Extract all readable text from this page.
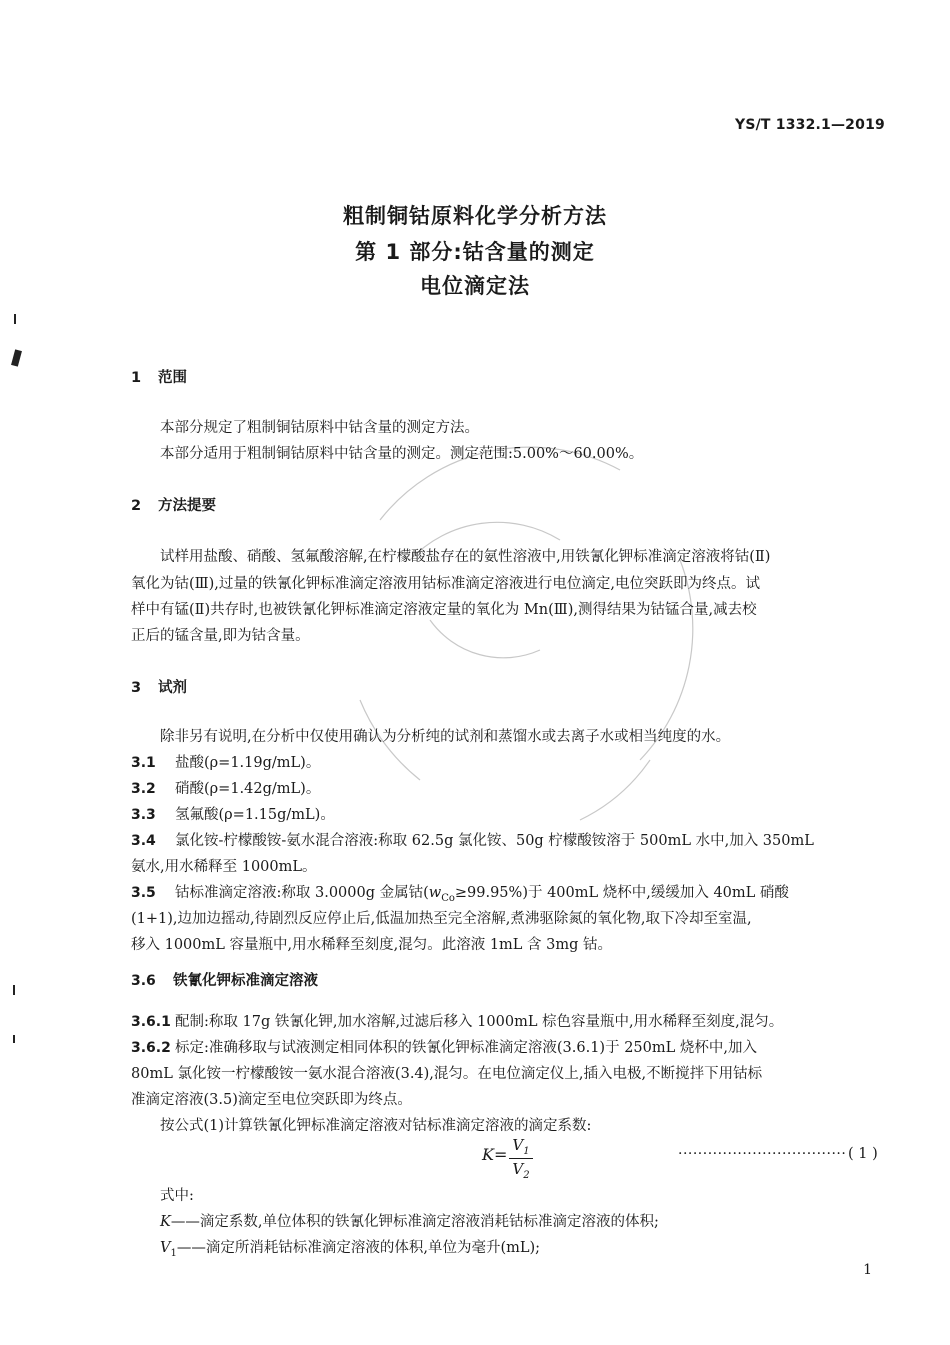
YS/T 1332.1—2019
粗制铜钴原料化学分析方法
第 1 部分:钴含量的测定
电位滴定法
1 范围
本部分规定了粗制铜钴原料中钴含量的测定方法。
本部分适用于粗制铜钴原料中钴含量的测定。测定范围:5.00%～60.00%。
2 方法提要
试样用盐酸、硝酸、氢氟酸溶解,在柠檬酸盐存在的氨性溶液中,用铁氰化钾标准滴定溶液将钴(Ⅱ)
氧化为钴(Ⅲ),过量的铁氰化钾标准滴定溶液用钴标准滴定溶液进行电位滴定,电位突跃即为终点。试
样中有锰(Ⅱ)共存时,也被铁氰化钾标准滴定溶液定量的氧化为 Mn(Ⅲ),测得结果为钴锰合量,减去校
正后的锰含量,即为钴含量。
3 试剂
除非另有说明,在分析中仅使用确认为分析纯的试剂和蒸馏水或去离子水或相当纯度的水。
3.1 盐酸(ρ=1.19g/mL)。
3.2 硝酸(ρ=1.42g/mL)。
3.3 氢氟酸(ρ=1.15g/mL)。
3.4 氯化铵-柠檬酸铵-氨水混合溶液:称取 62.5g 氯化铵、50g 柠檬酸铵溶于 500mL 水中,加入 350mL
氨水,用水稀释至 1000mL。
3.5 钴标准滴定溶液:称取 3.0000g 金属钴$(w_{Co}\ge 99.95\%)$于 400mL 烧杯中,缓缓加入 40mL 硝酸
(1+1),边加边摇动,待剧烈反应停止后,低温加热至完全溶解,煮沸驱除氮的氧化物,取下冷却至室温,
移入 1000mL 容量瓶中,用水稀释至刻度,混匀。此溶液 1mL 含 3mg 钴。
3.6 铁氰化钾标准滴定溶液
3.6.1 配制:称取 17g 铁氰化钾,加水溶解,过滤后移入 1000mL 棕色容量瓶中,用水稀释至刻度,混匀。
3.6.2 标定:准确移取与试液测定相同体积的铁氰化钾标准滴定溶液(3.6.1)于 250mL 烧杯中,加入
80mL 氯化铵一柠檬酸铵一氨水混合溶液(3.4),混匀。在电位滴定仪上,插入电极,不断搅拌下用钴标
准滴定溶液(3.5)滴定至电位突跃即为终点。
按公式(1)计算铁氰化钾标准滴定溶液对钴标准滴定溶液的滴定系数:
$K= V_1$
$V_2$
·································· ( 1 )
式中:
K——滴定系数,单位体积的铁氰化钾标准滴定溶液消耗钴标准滴定溶液的体积;
$V_1——$滴定所消耗钴标准滴定溶液的体积,单位为毫升(mL);
1
